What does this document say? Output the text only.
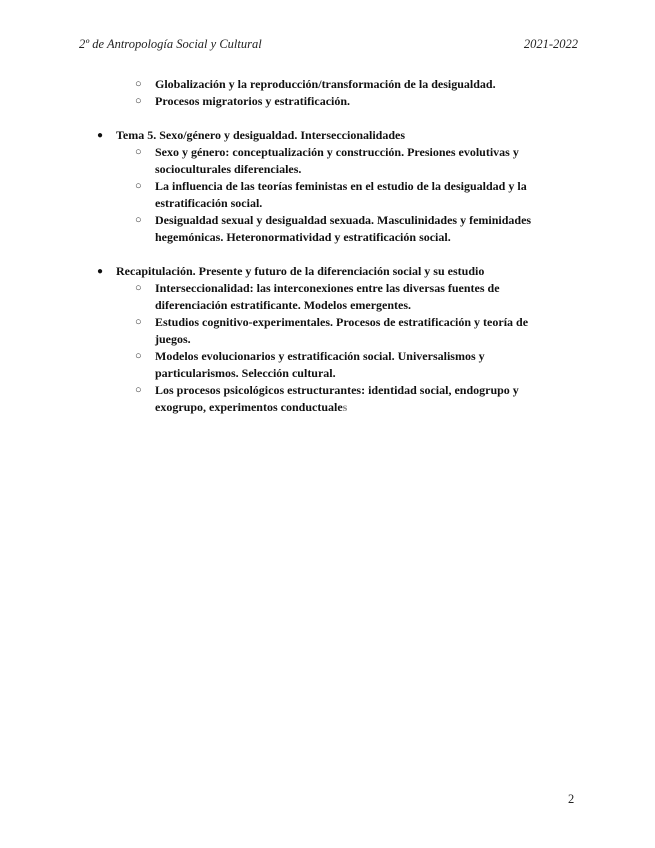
2º de Antropología Social y Cultural	2021-2022
○ Globalización y la reproducción/transformación de la desigualdad.
○ Procesos migratorios y estratificación.
● Tema 5. Sexo/género y desigualdad. Interseccionalidades
○ Sexo y género: conceptualización y construcción. Presiones evolutivas y socioculturales diferenciales.
○ La influencia de las teorías feministas en el estudio de la desigualdad y la estratificación social.
○ Desigualdad sexual y desigualdad sexuada. Masculinidades y feminidades hegemónicas. Heteronormatividad y estratificación social.
● Recapitulación. Presente y futuro de la diferenciación social y su estudio
○ Interseccionalidad: las interconexiones entre las diversas fuentes de diferenciación estratificante. Modelos emergentes.
○ Estudios cognitivo-experimentales. Procesos de estratificación y teoría de juegos.
○ Modelos evolucionarios y estratificación social. Universalismos y particularismos. Selección cultural.
○ Los procesos psicológicos estructurantes: identidad social, endogrupo y exogrupo, experimentos conductuales
2
